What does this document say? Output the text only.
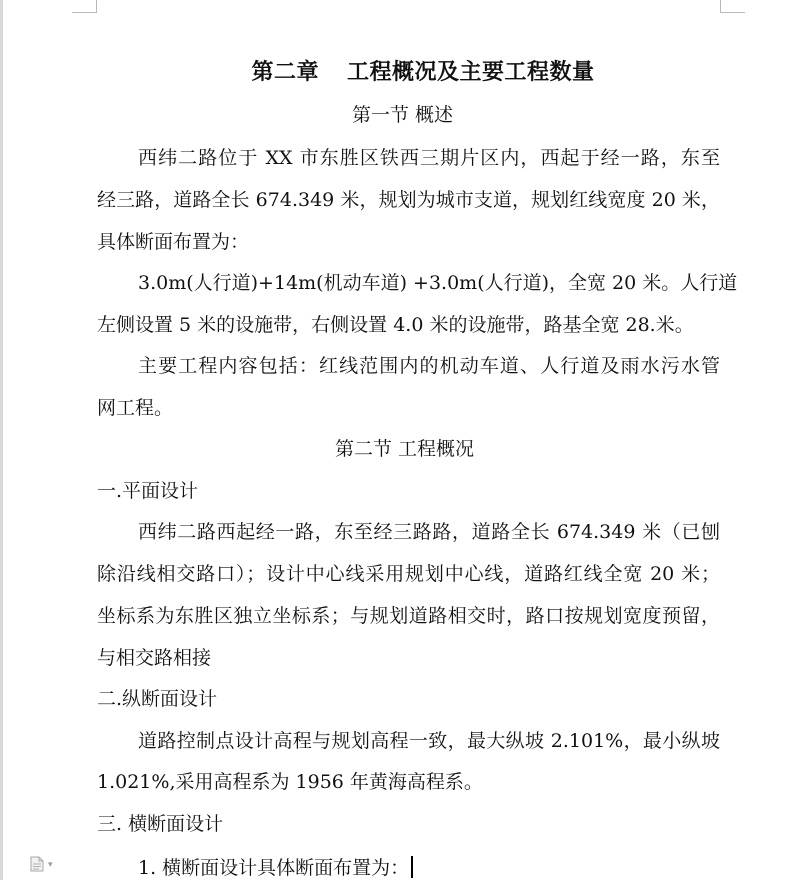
第二章 工程概况及主要工程数量
第一节 概述
西纬二路位于 XX 市东胜区铁西三期片区内，西起于经一路，东至
经三路，道路全长 674.349 米，规划为城市支道，规划红线宽度 20 米，
具体断面布置为：
3.0m(人行道)+14m(机动车道) +3.0m(人行道)，全宽 20 米。人行道
左侧设置 5 米的设施带，右侧设置 4.0 米的设施带，路基全宽 28.米。
主要工程内容包括：红线范围内的机动车道、人行道及雨水污水管
网工程。
第二节 工程概况
一.平面设计
西纬二路西起经一路，东至经三路路，道路全长 674.349 米（已刨
除沿线相交路口）；设计中心线采用规划中心线，道路红线全宽 20 米；
坐标系为东胜区独立坐标系；与规划道路相交时，路口按规划宽度预留，
与相交路相接
二.纵断面设计
道路控制点设计高程与规划高程一致，最大纵坡 2.101%，最小纵坡
1.021%,采用高程系为 1956 年黄海高程系。
三. 横断面设计
1. 横断面设计具体断面布置为：
▾
